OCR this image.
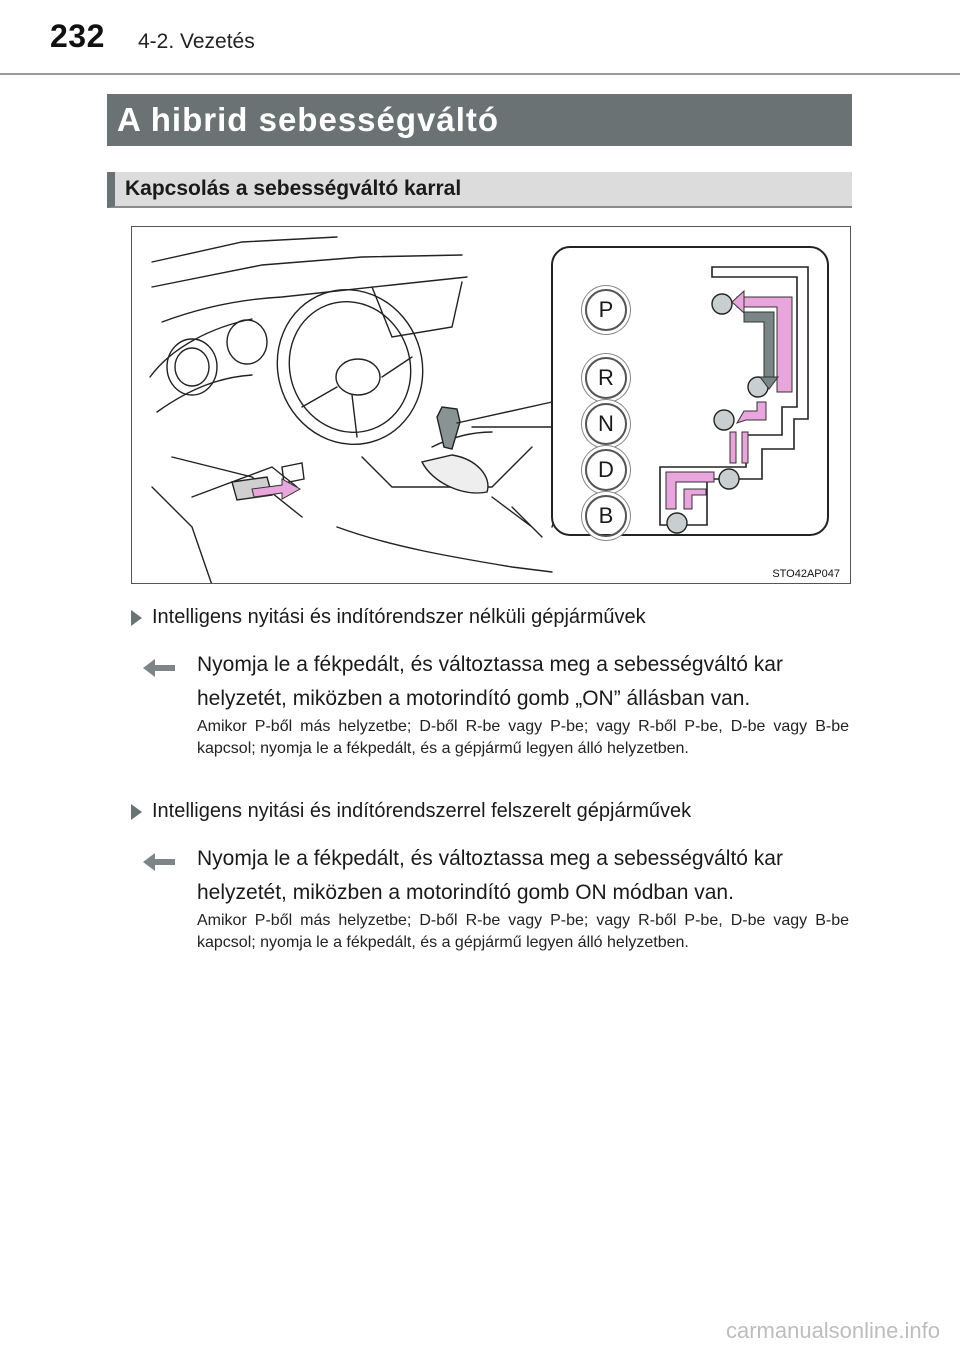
232 4-2. Vezetés
A hibrid sebességváltó
Kapcsolás a sebességváltó karral
P
R
N
D
B
STO42AP047
Intelligens nyitási és indítórendszer nélküli gépjárművek
Nyomja le a fékpedált, és változtassa meg a sebességváltó kar
helyzetét, miközben a motorindító gomb „ON” állásban van.
Amikor P-ből más helyzetbe; D-ből R-be vagy P-be; vagy R-ből P-be, D-be vagy B-be kapcsol; nyomja le a fékpedált, és a gépjármű legyen álló helyzetben.
Intelligens nyitási és indítórendszerrel felszerelt gépjárművek
Nyomja le a fékpedált, és változtassa meg a sebességváltó kar
helyzetét, miközben a motorindító gomb ON módban van.
Amikor P-ből más helyzetbe; D-ből R-be vagy P-be; vagy R-ből P-be, D-be vagy B-be kapcsol; nyomja le a fékpedált, és a gépjármű legyen álló helyzetben.
carmanualsonline.info
